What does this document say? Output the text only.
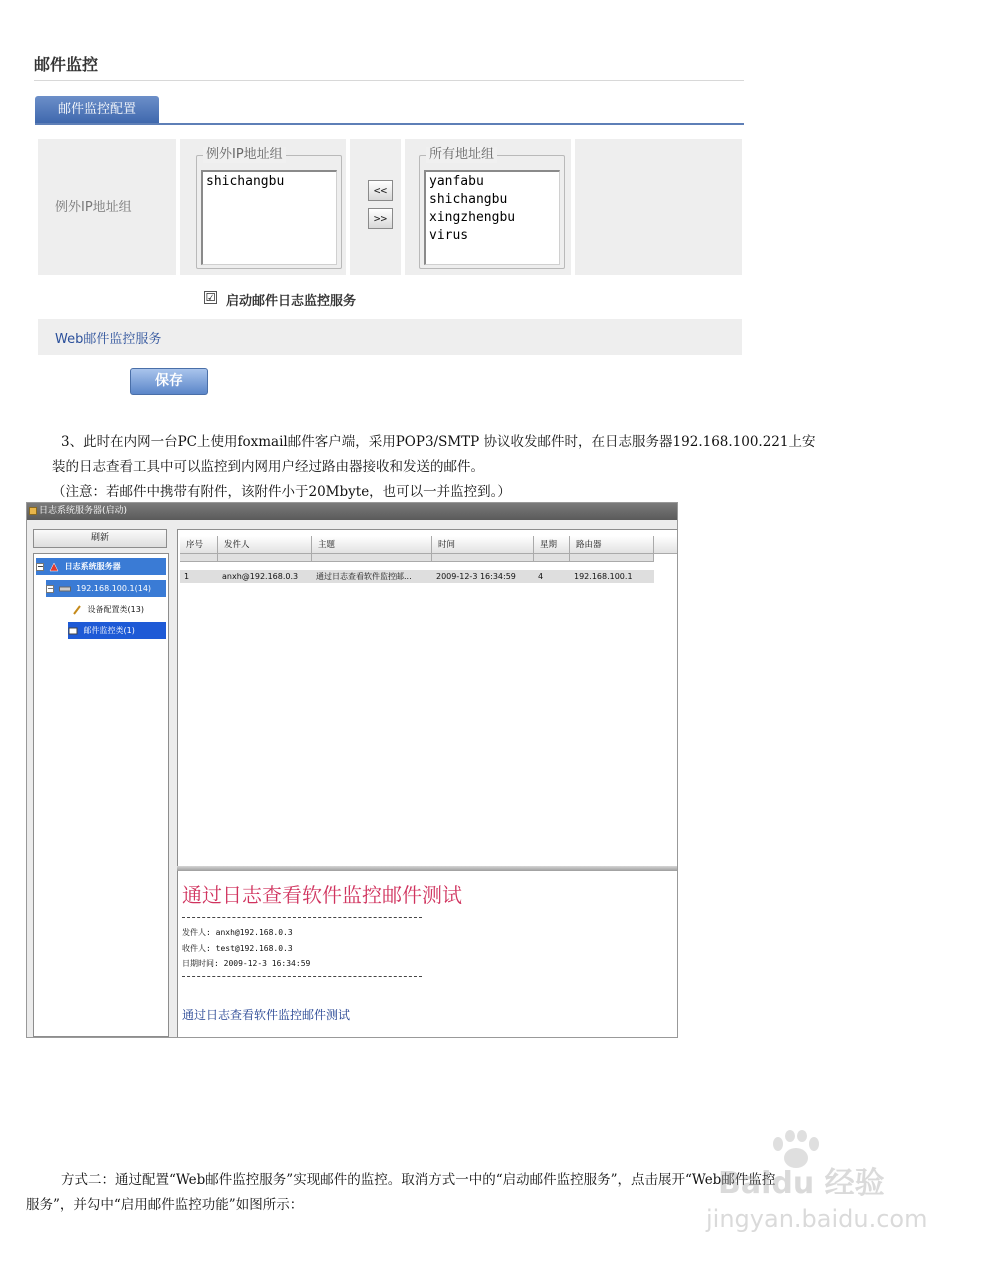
邮件监控
邮件监控配置
例外IP地址组
例外IP地址组
shichangbu
<<
>>
所有地址组
yanfabu
shichangbu
xingzhengbu
virus
☑ 启动邮件日志监控服务
Web邮件监控服务
保存
3、此时在内网一台PC上使用foxmail邮件客户端，采用POP3/SMTP 协议收发邮件时，在日志服务器192.168.100.221上安
装的日志查看工具中可以监控到内网用户经过路由器接收和发送的邮件。
（注意：若邮件中携带有附件，该附件小于20Mbyte，也可以一并监控到。）
日志系统服务器(启动)
刷新
−	日志系统服务器
−	192.168.100.1(14)
设备配置类(13)
邮件监控类(1)
序号	发件人	主题	时间	星期	路由器
1	anxh@192.168.0.3	通过日志查看软件监控邮...	2009-12-3 16:34:59	4	192.168.100.1
通过日志查看软件监控邮件测试
发件人: anxh@192.168.0.3
收件人: test@192.168.0.3
日期时间: 2009-12-3 16:34:59
通过日志查看软件监控邮件测试
方式二：通过配置“Web邮件监控服务”实现邮件的监控。取消方式一中的“启动邮件监控服务”，点击展开“Web邮件监控
服务”，并勾中“启用邮件监控功能”如图所示：
Baidu 经验
jingyan.baidu.com
